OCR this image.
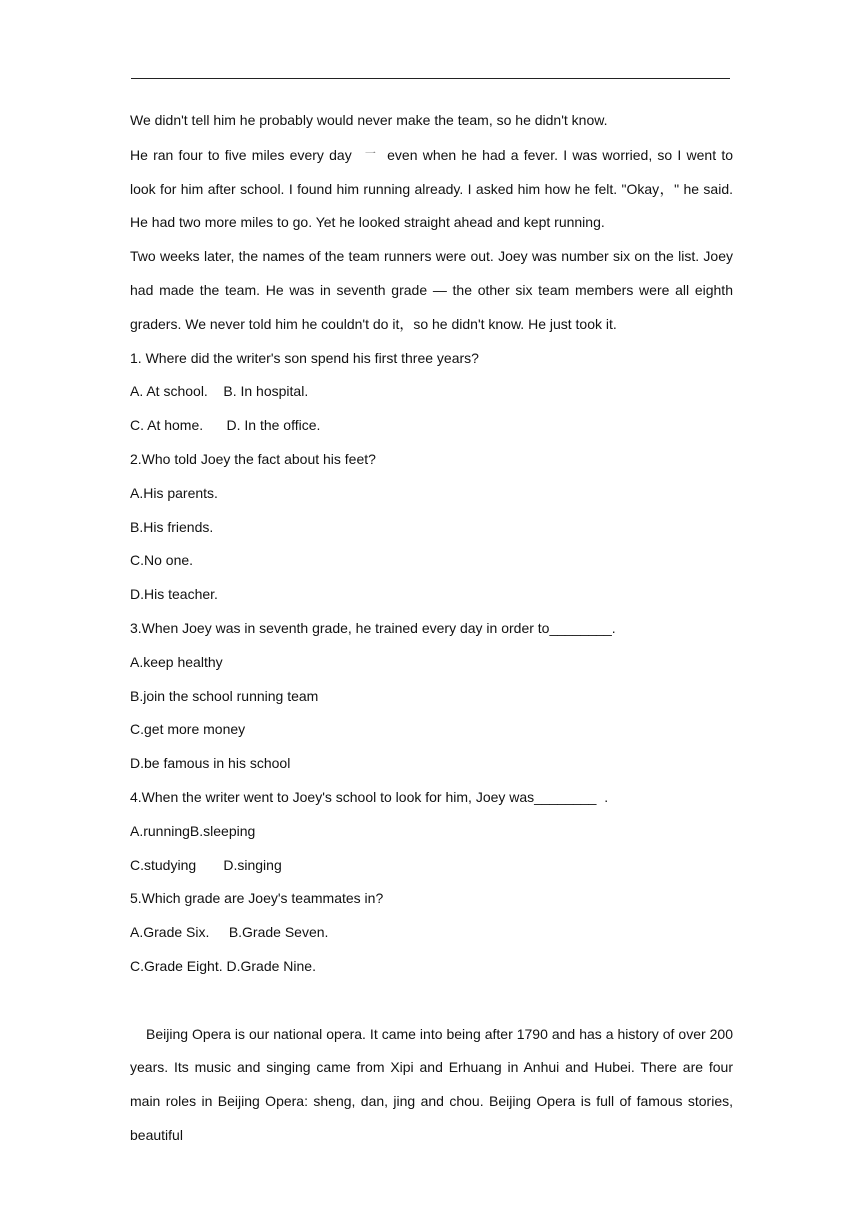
We didn't tell him he probably would never make the team, so he didn't know.

He ran four to five miles every day 一 even when he had a fever. I was worried, so I went to look for him after school. I found him running already. I asked him how he felt. "Okay，" he said. He had two more miles to go. Yet he looked straight ahead and kept running.

Two weeks later, the names of the team runners were out. Joey was number six on the list. Joey had made the team. He was in seventh grade — the other six team members were all eighth graders. We never told him he couldn't do it，so he didn't know. He just took it.

1. Where did the writer's son spend his first three years?

A. At school.    B. In hospital.

C. At home.      D. In the office.

2.Who told Joey the fact about his feet?

A.His parents.

B.His friends.

C.No one.

D.His teacher.

3.When Joey was in seventh grade, he trained every day in order to________.

A.keep healthy

B.join the school running team

C.get more money

D.be famous in his school

4.When the writer went to Joey's school to look for him, Joey was________  .

A.runningB.sleeping

C.studying       D.singing

5.Which grade are Joey's teammates in?

A.Grade Six.     B.Grade Seven.

C.Grade Eight. D.Grade Nine.

Beijing Opera is our national opera. It came into being after 1790 and has a history of over 200 years. Its music and singing came from Xipi and Erhuang in Anhui and Hubei. There are four main roles in Beijing Opera: sheng, dan, jing and chou. Beijing Opera is full of famous stories, beautiful
